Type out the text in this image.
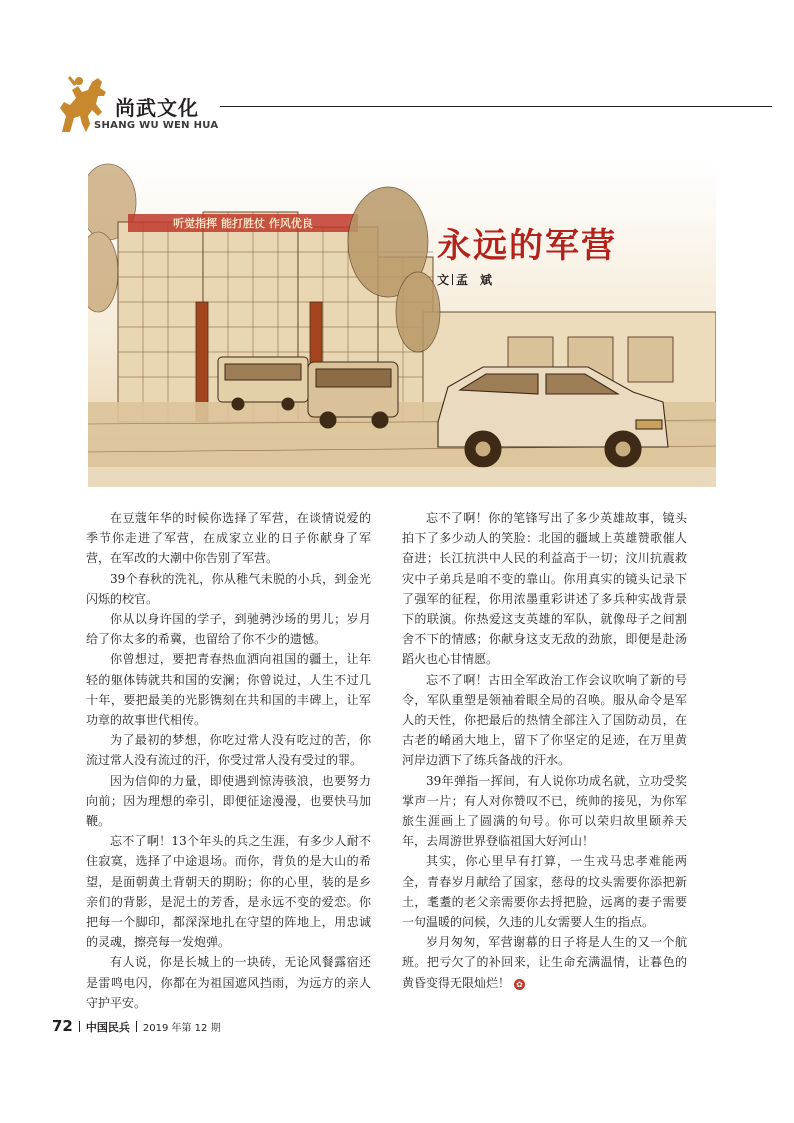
尚武文化
SHANG WU WEN HUA
听觉指挥 能打胜仗 作风优良
永远的军营
文 孟斌

在豆蔻年华的时候你选择了军营，在谈情说爱的季节你走进了军营，在成家立业的日子你献身了军营，在军改的大潮中你告别了军营。

39个春秋的洗礼，你从稚气未脱的小兵，到金光闪烁的校官。

你从以身许国的学子，到驰骋沙场的男儿；岁月给了你太多的希冀，也留给了你不少的遗憾。

你曾想过，要把青春热血洒向祖国的疆土，让年轻的躯体铸就共和国的安澜；你曾说过，人生不过几十年，要把最美的光影镌刻在共和国的丰碑上，让军功章的故事世代相传。

为了最初的梦想，你吃过常人没有吃过的苦，你流过常人没有流过的汗，你受过常人没有受过的罪。

因为信仰的力量，即使遇到惊涛骇浪，也要努力向前；因为理想的牵引，即便征途漫漫，也要快马加鞭。

忘不了啊！13个年头的兵之生涯，有多少人耐不住寂寞，选择了中途退场。而你，背负的是大山的希望，是面朝黄土背朝天的期盼；你的心里，装的是乡亲们的背影，是泥土的芳香，是永远不变的爱恋。你把每一个脚印，都深深地扎在守望的阵地上，用忠诚的灵魂，擦亮每一发炮弹。

有人说，你是长城上的一块砖，无论风餐露宿还是雷鸣电闪，你都在为祖国遮风挡雨，为远方的亲人守护平安。

忘不了啊！你的笔锋写出了多少英雄故事，镜头拍下了多少动人的笑脸：北国的疆域上英雄赞歌催人奋进；长江抗洪中人民的利益高于一切；汶川抗震救灾中子弟兵是咱不变的靠山。你用真实的镜头记录下了强军的征程，你用浓墨重彩讲述了多兵种实战背景下的联演。你热爱这支英雄的军队，就像母子之间割舍不下的情感；你献身这支无敌的劲旅，即便是赴汤蹈火也心甘情愿。

忘不了啊！古田全军政治工作会议吹响了新的号令，军队重塑是领袖着眼全局的召唤。服从命令是军人的天性，你把最后的热情全部注入了国防动员，在古老的崤函大地上，留下了你坚定的足迹，在万里黄河岸边洒下了练兵备战的汗水。

39年弹指一挥间，有人说你功成名就，立功受奖掌声一片；有人对你赞叹不已，统帅的接见，为你军旅生涯画上了圆满的句号。你可以荣归故里颐养天年，去周游世界登临祖国大好河山！

其实，你心里早有打算，一生戎马忠孝难能两全，青春岁月献给了国家，慈母的坟头需要你添把新土，耄耋的老父亲需要你去捋把脸，远离的妻子需要一句温暖的问候，久违的儿女需要人生的指点。

岁月匆匆，军营谢幕的日子将是人生的又一个航班。把亏欠了的补回来，让生命充满温情，让暮色的黄昏变得无限灿烂！ ✿

72 中国民兵 2019 年第 12 期
